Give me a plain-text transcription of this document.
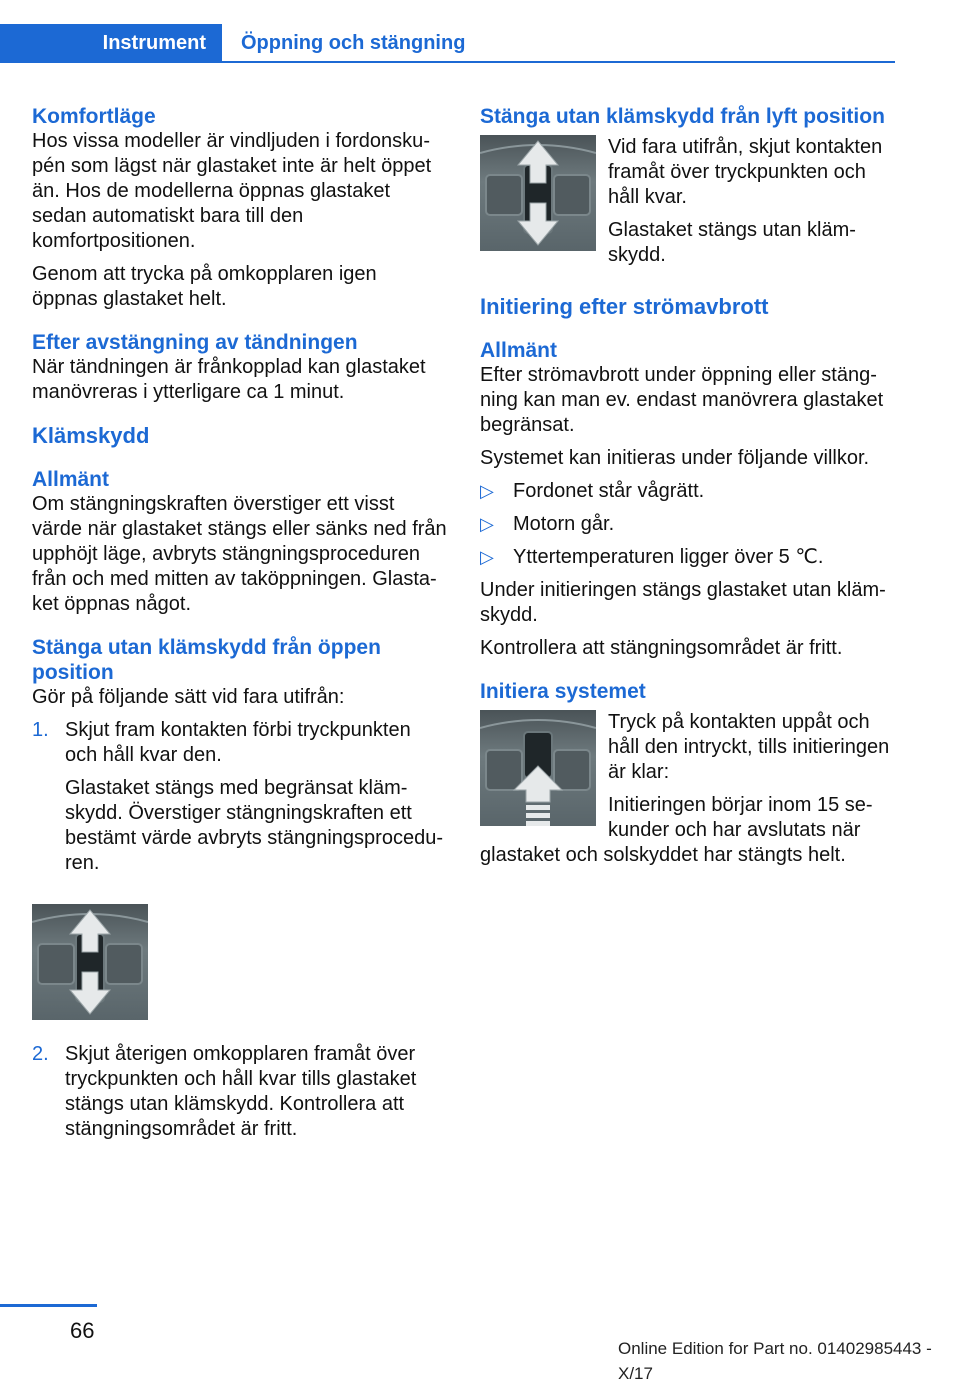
Instrument	Öppning och stängning
Komfortläge

Hos vissa modeller är vindljuden i fordonskupén som lägst när glastaket inte är helt öppet än. Hos de modellerna öppnas glastaket sedan automatiskt bara till den komfortpositionen.

Genom att trycka på omkopplaren igen öppnas glastaket helt.

Efter avstängning av tändningen

När tändningen är frånkopplad kan glastaket manövreras i ytterligare ca 1 minut.

Klämskydd
Allmänt

Om stängningskraften överstiger ett visst värde när glastaket stängs eller sänks ned från upphöjt läge, avbryts stängningsproceduren från och med mitten av taköppningen. Glastaket öppnas något.

Stänga utan klämskydd från öppen position

Gör på följande sätt vid fara utifrån:

1. Skjut fram kontakten förbi tryckpunkten och håll kvar den.

Glastaket stängs med begränsat klämskydd. Överstiger stängningskraften ett bestämt värde avbryts stängningsproceduren.

2. Skjut återigen omkopplaren framåt över tryckpunkten och håll kvar tills glastaket stängs utan klämskydd. Kontrollera att stängningsområdet är fritt.

Stänga utan klämskydd från lyft position

Vid fara utifrån, skjut kontakten framåt över tryckpunkten och håll kvar.

Glastaket stängs utan klämskydd.

Initiering efter strömavbrott
Allmänt

Efter strömavbrott under öppning eller stängning kan man ev. endast manövrera glastaket begränsat.

Systemet kan initieras under följande villkor.

▷ Fordonet står vågrätt.
▷ Motorn går.
▷ Yttertemperaturen ligger över 5 ℃.

Under initieringen stängs glastaket utan klämskydd.

Kontrollera att stängningsområdet är fritt.

Initiera systemet

Tryck på kontakten uppåt och håll den intryckt, tills initieringen är klar:

Initieringen börjar inom 15 sekunder och har avslutats när glastaket och solskyddet har stängts helt.

66
Online Edition for Part no. 01402985443 - X/17
